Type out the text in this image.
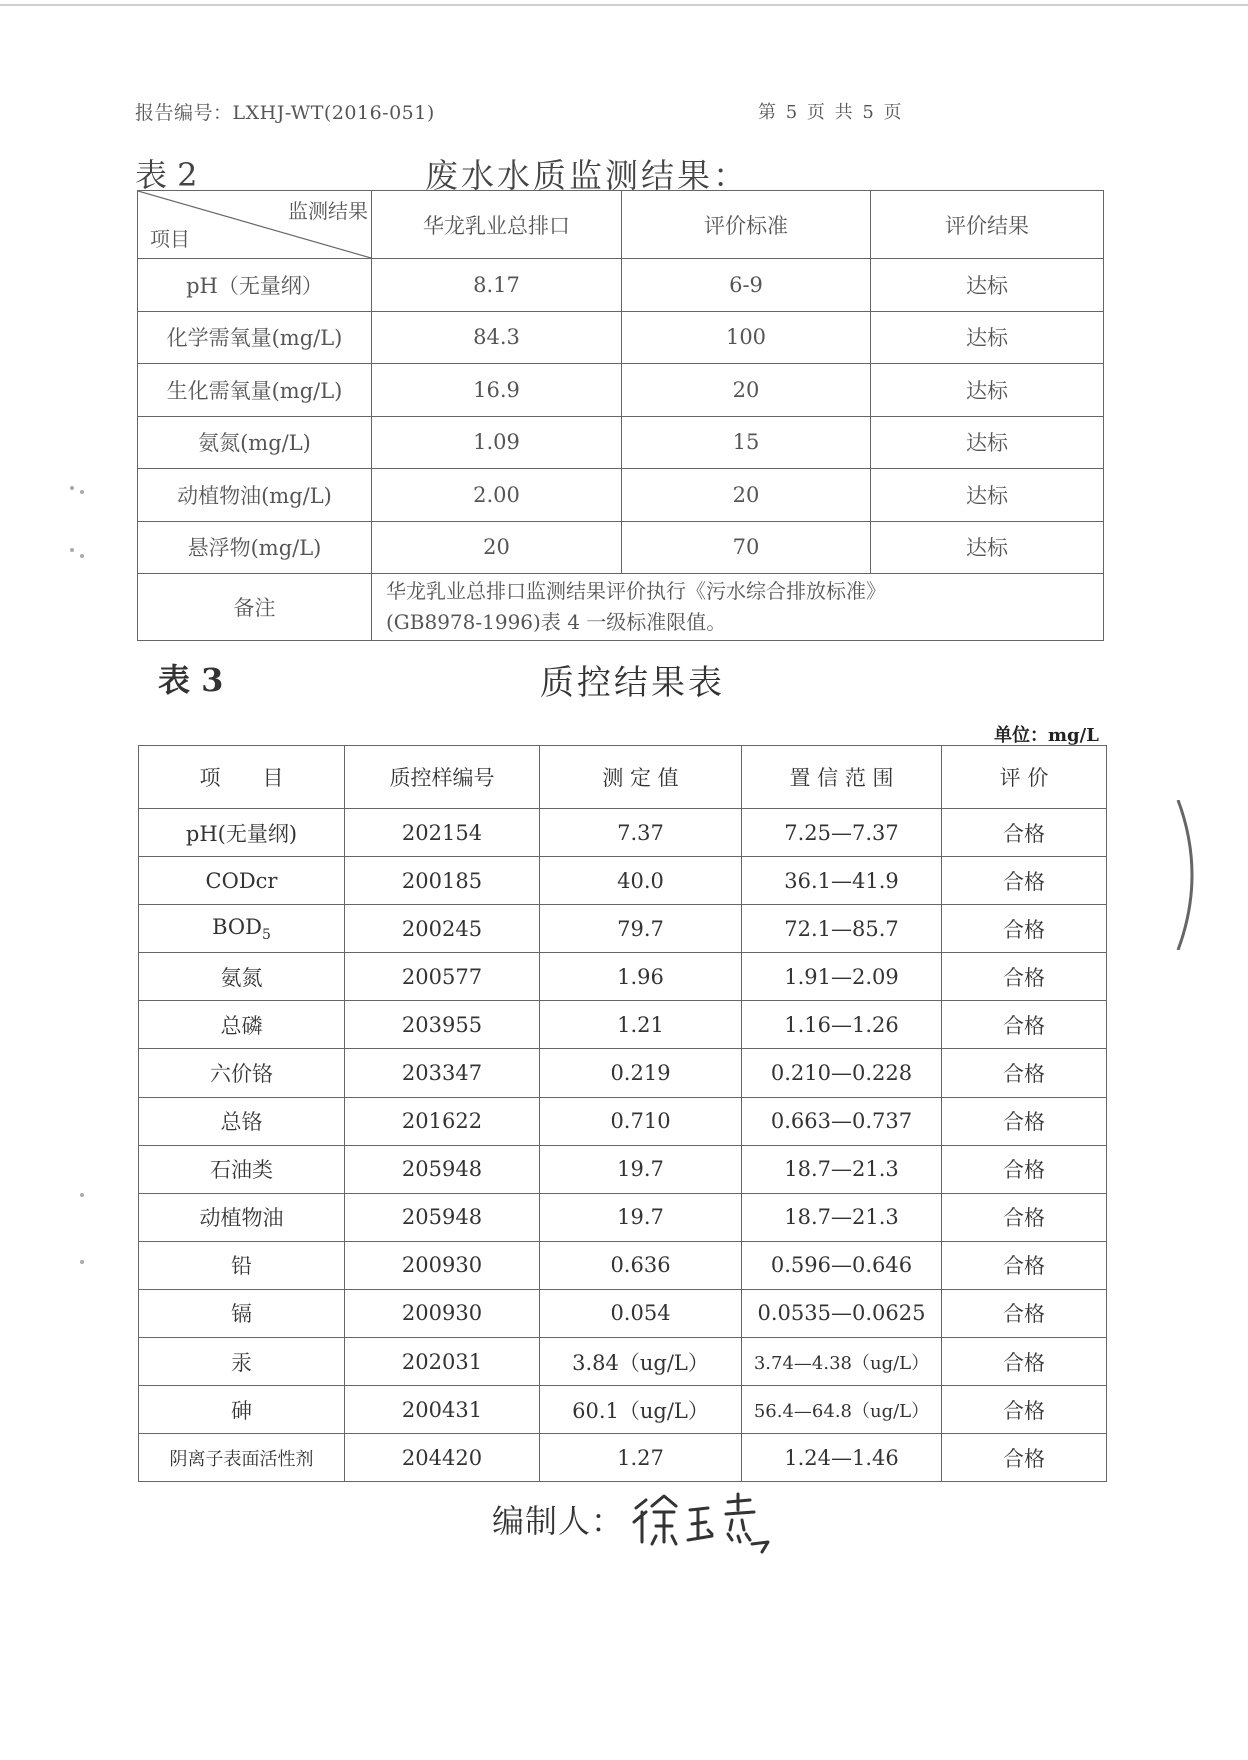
报告编号：LXHJ-WT(2016-051)	第 5 页 共 5 页
表 2	废水水质监测结果：
监测结果
项目	华龙乳业总排口	评价标准	评价结果
pH（无量纲）	8.17	6-9	达标
化学需氧量(mg/L)	84.3	100	达标
生化需氧量(mg/L)	16.9	20	达标
氨氮(mg/L)	1.09	15	达标
动植物油(mg/L)	2.00	20	达标
悬浮物(mg/L)	20	70	达标
备注	华龙乳业总排口监测结果评价执行《污水综合排放标准》
(GB8978-1996)表 4 一级标准限值。		
表 3	质控结果表
单位：mg/L
项　　目	质控样编号	测 定 值	置 信 范 围	评 价
pH(无量纲)	202154	7.37	7.25—7.37	合格
CODcr	200185	40.0	36.1—41.9	合格
$BOD_5$	200245	79.7	72.1—85.7	合格
氨氮	200577	1.96	1.91—2.09	合格
总磷	203955	1.21	1.16—1.26	合格
六价铬	203347	0.219	0.210—0.228	合格
总铬	201622	0.710	0.663—0.737	合格
石油类	205948	19.7	18.7—21.3	合格
动植物油	205948	19.7	18.7—21.3	合格
铅	200930	0.636	0.596—0.646	合格
镉	200930	0.054	0.0535—0.0625	合格
汞	202031	3.84（ug/L）	3.74—4.38（ug/L）	合格
砷	200431	60.1（ug/L）	56.4—64.8（ug/L）	合格
阴离子表面活性剂	204420	1.27	1.24—1.46	合格
编制人：
